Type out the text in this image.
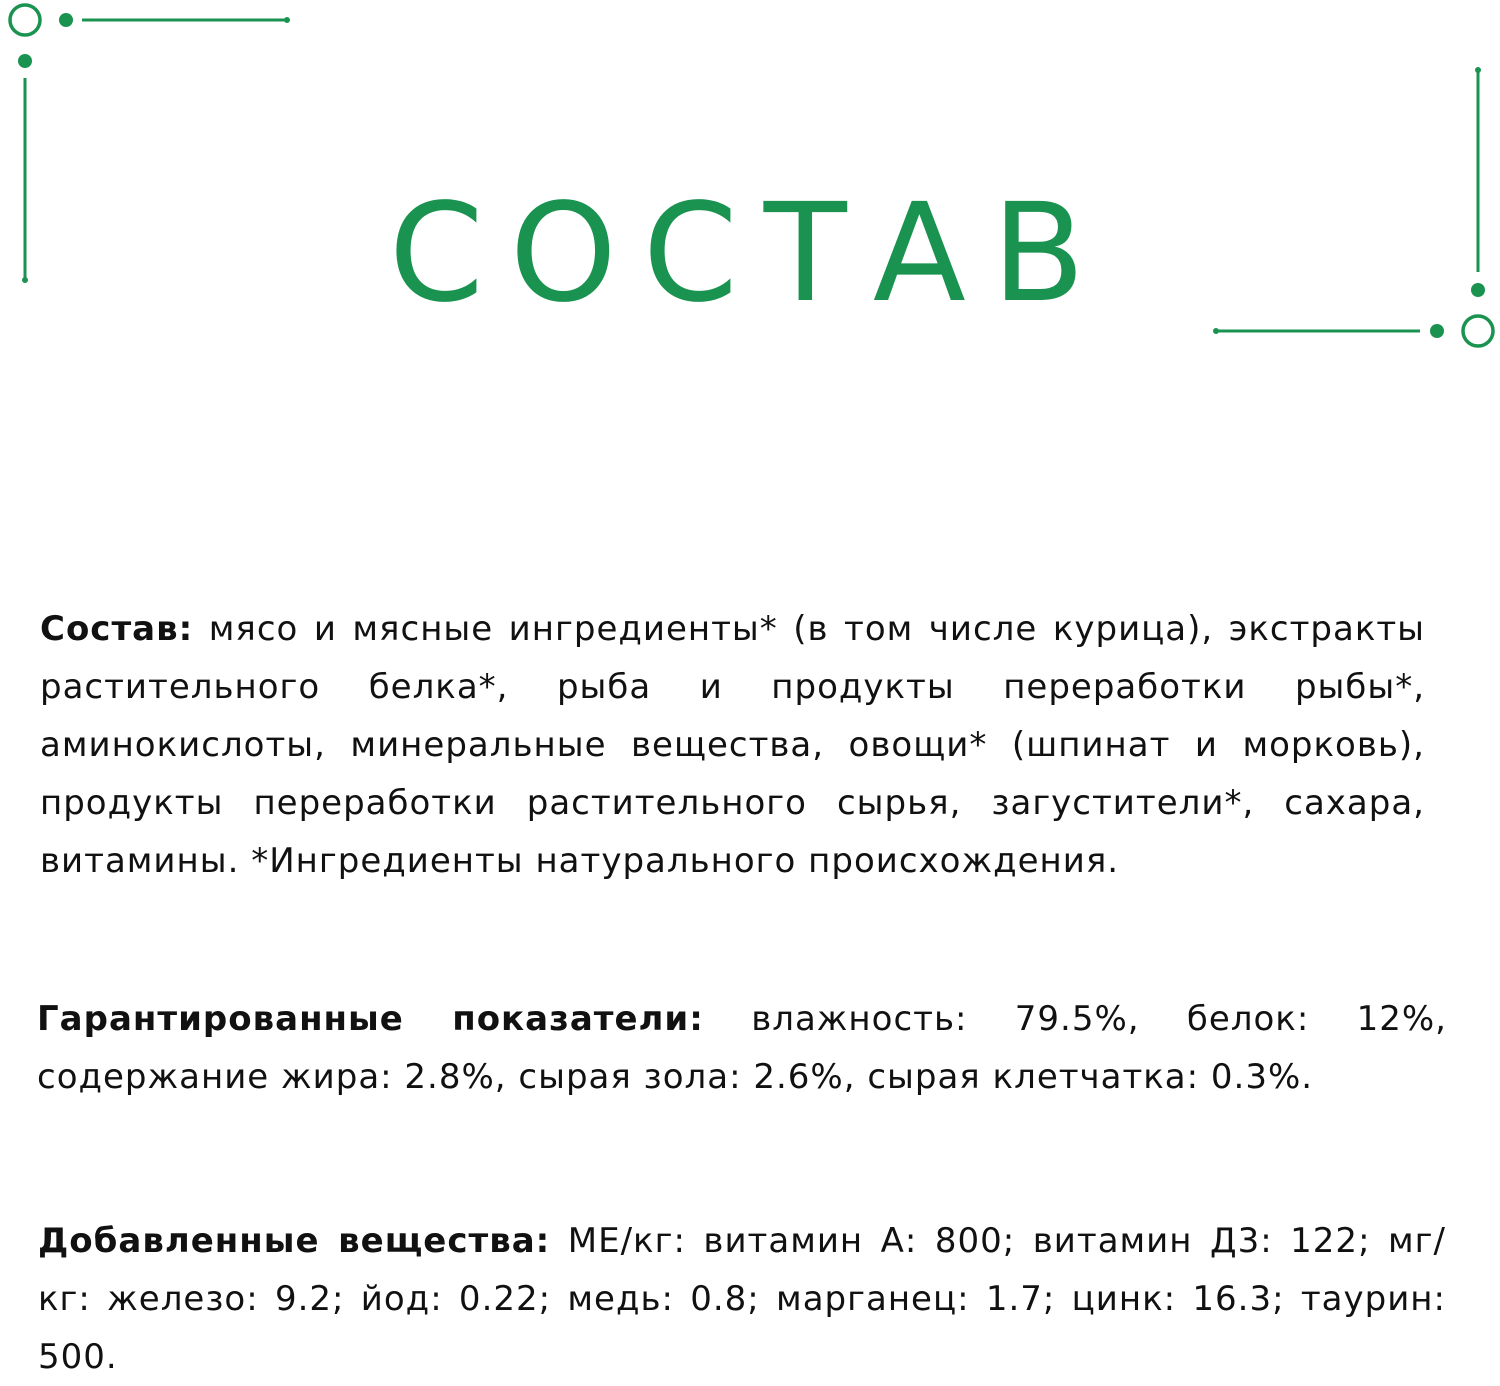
СОСТАВ

Состав: мясо и мясные ингредиенты* (в том числе курица), экстракты растительного белка*, рыба и продукты переработки рыбы*, аминокислоты, минеральные вещества, овощи* (шпинат и морковь), продукты переработки растительного сырья, загустители*, сахара, витамины. *Ингредиенты натурального происхождения.

Гарантированные показатели: влажность: 79.5%, белок: 12%, содержание жира: 2.8%, сырая зола: 2.6%, сырая клетчатка: 0.3%.

Добавленные вещества: МЕ/кг: витамин А: 800; витамин Д3: 122; мг/кг: железо: 9.2; йод: 0.22; медь: 0.8; марганец: 1.7; цинк: 16.3; таурин: 500.
